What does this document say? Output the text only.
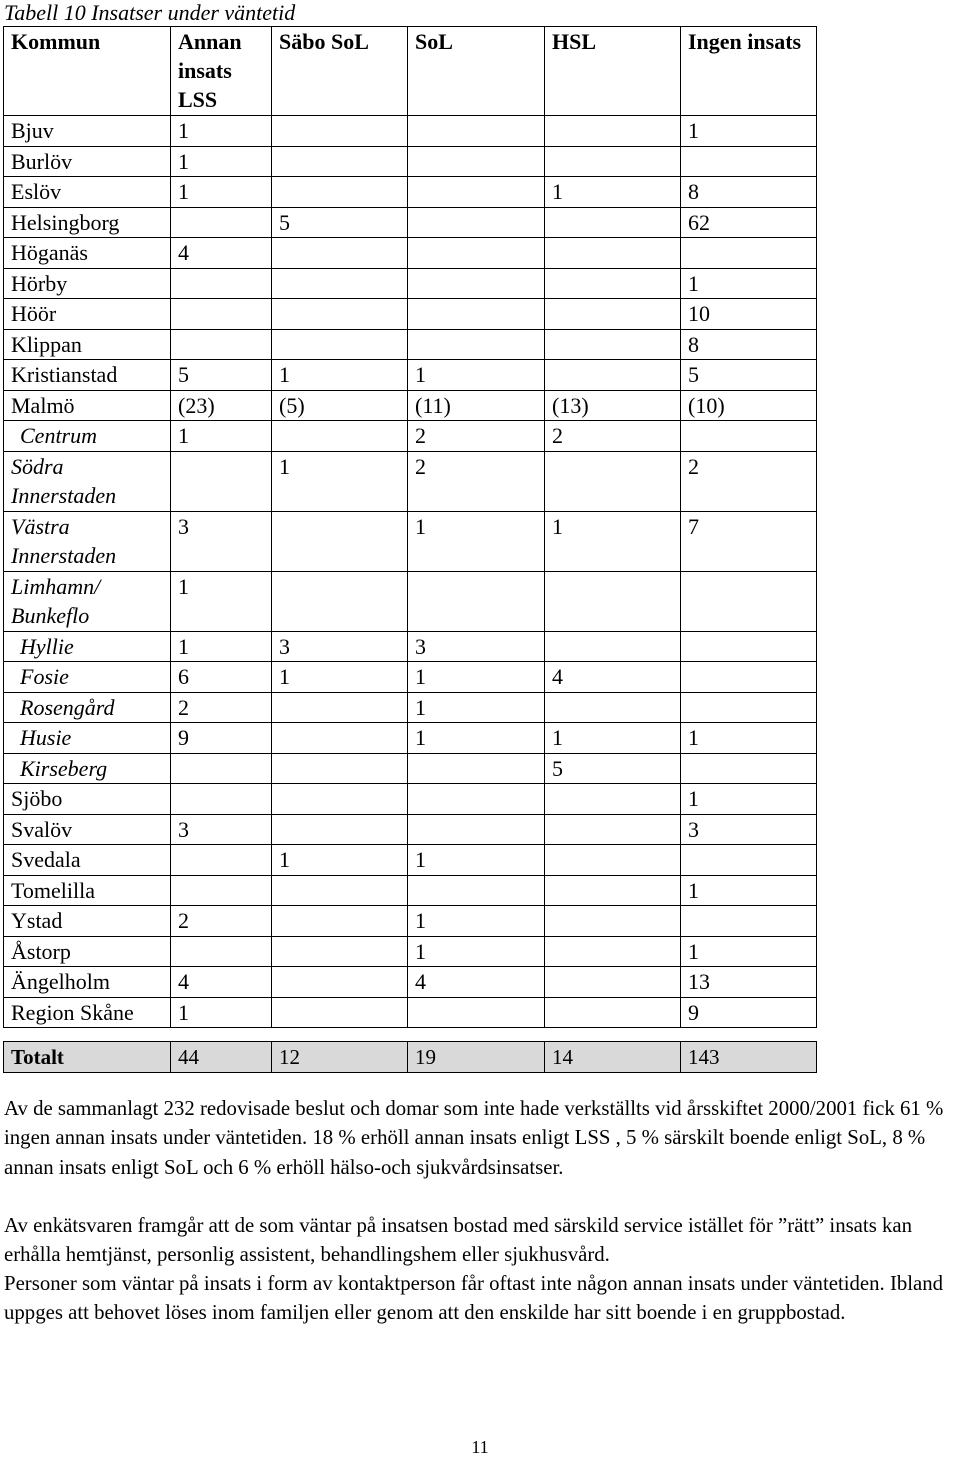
Tabell 10 Insatser under väntetid
Kommun	Annan insats LSS	Säbo SoL	SoL	HSL	Ingen insats
Bjuv	1				1
Burlöv	1				
Eslöv	1			1	8
Helsingborg		5			62
Höganäs	4				
Hörby					1
Höör					10
Klippan					8
Kristianstad	5	1	1		5
Malmö	(23)	(5)	(11)	(13)	(10)
Centrum	1		2	2	
Södra Innerstaden		1	2		2
Västra Innerstaden	3		1	1	7
Limhamn/ Bunkeflo	1				
Hyllie	1	3	3		
Fosie	6	1	1	4	
Rosengård	2		1		
Husie	9		1	1	1
Kirseberg				5	
Sjöbo					1
Svalöv	3				3
Svedala		1	1		
Tomelilla					1
Ystad	2		1		
Åstorp			1		1
Ängelholm	4		4		13
Region Skåne	1				9

Totalt	44	12	19	14	143
Av de sammanlagt 232 redovisade beslut och domar som inte hade verkställts vid årsskiftet 2000/2001 fick 61 % ingen annan insats under väntetiden. 18 % erhöll annan insats enligt LSS , 5 % särskilt boende enligt SoL, 8 % annan insats enligt SoL och 6 % erhöll hälso-och sjukvårdsinsatser.
Av enkätsvaren framgår att de som väntar på insatsen bostad med särskild service istället för ”rätt” insats kan erhålla hemtjänst, personlig assistent, behandlingshem eller sjukhusvård.
Personer som väntar på insats i form av kontaktperson får oftast inte någon annan insats under väntetiden. Ibland uppges att behovet löses inom familjen eller genom att den enskilde har sitt boende i en gruppbostad.
11
